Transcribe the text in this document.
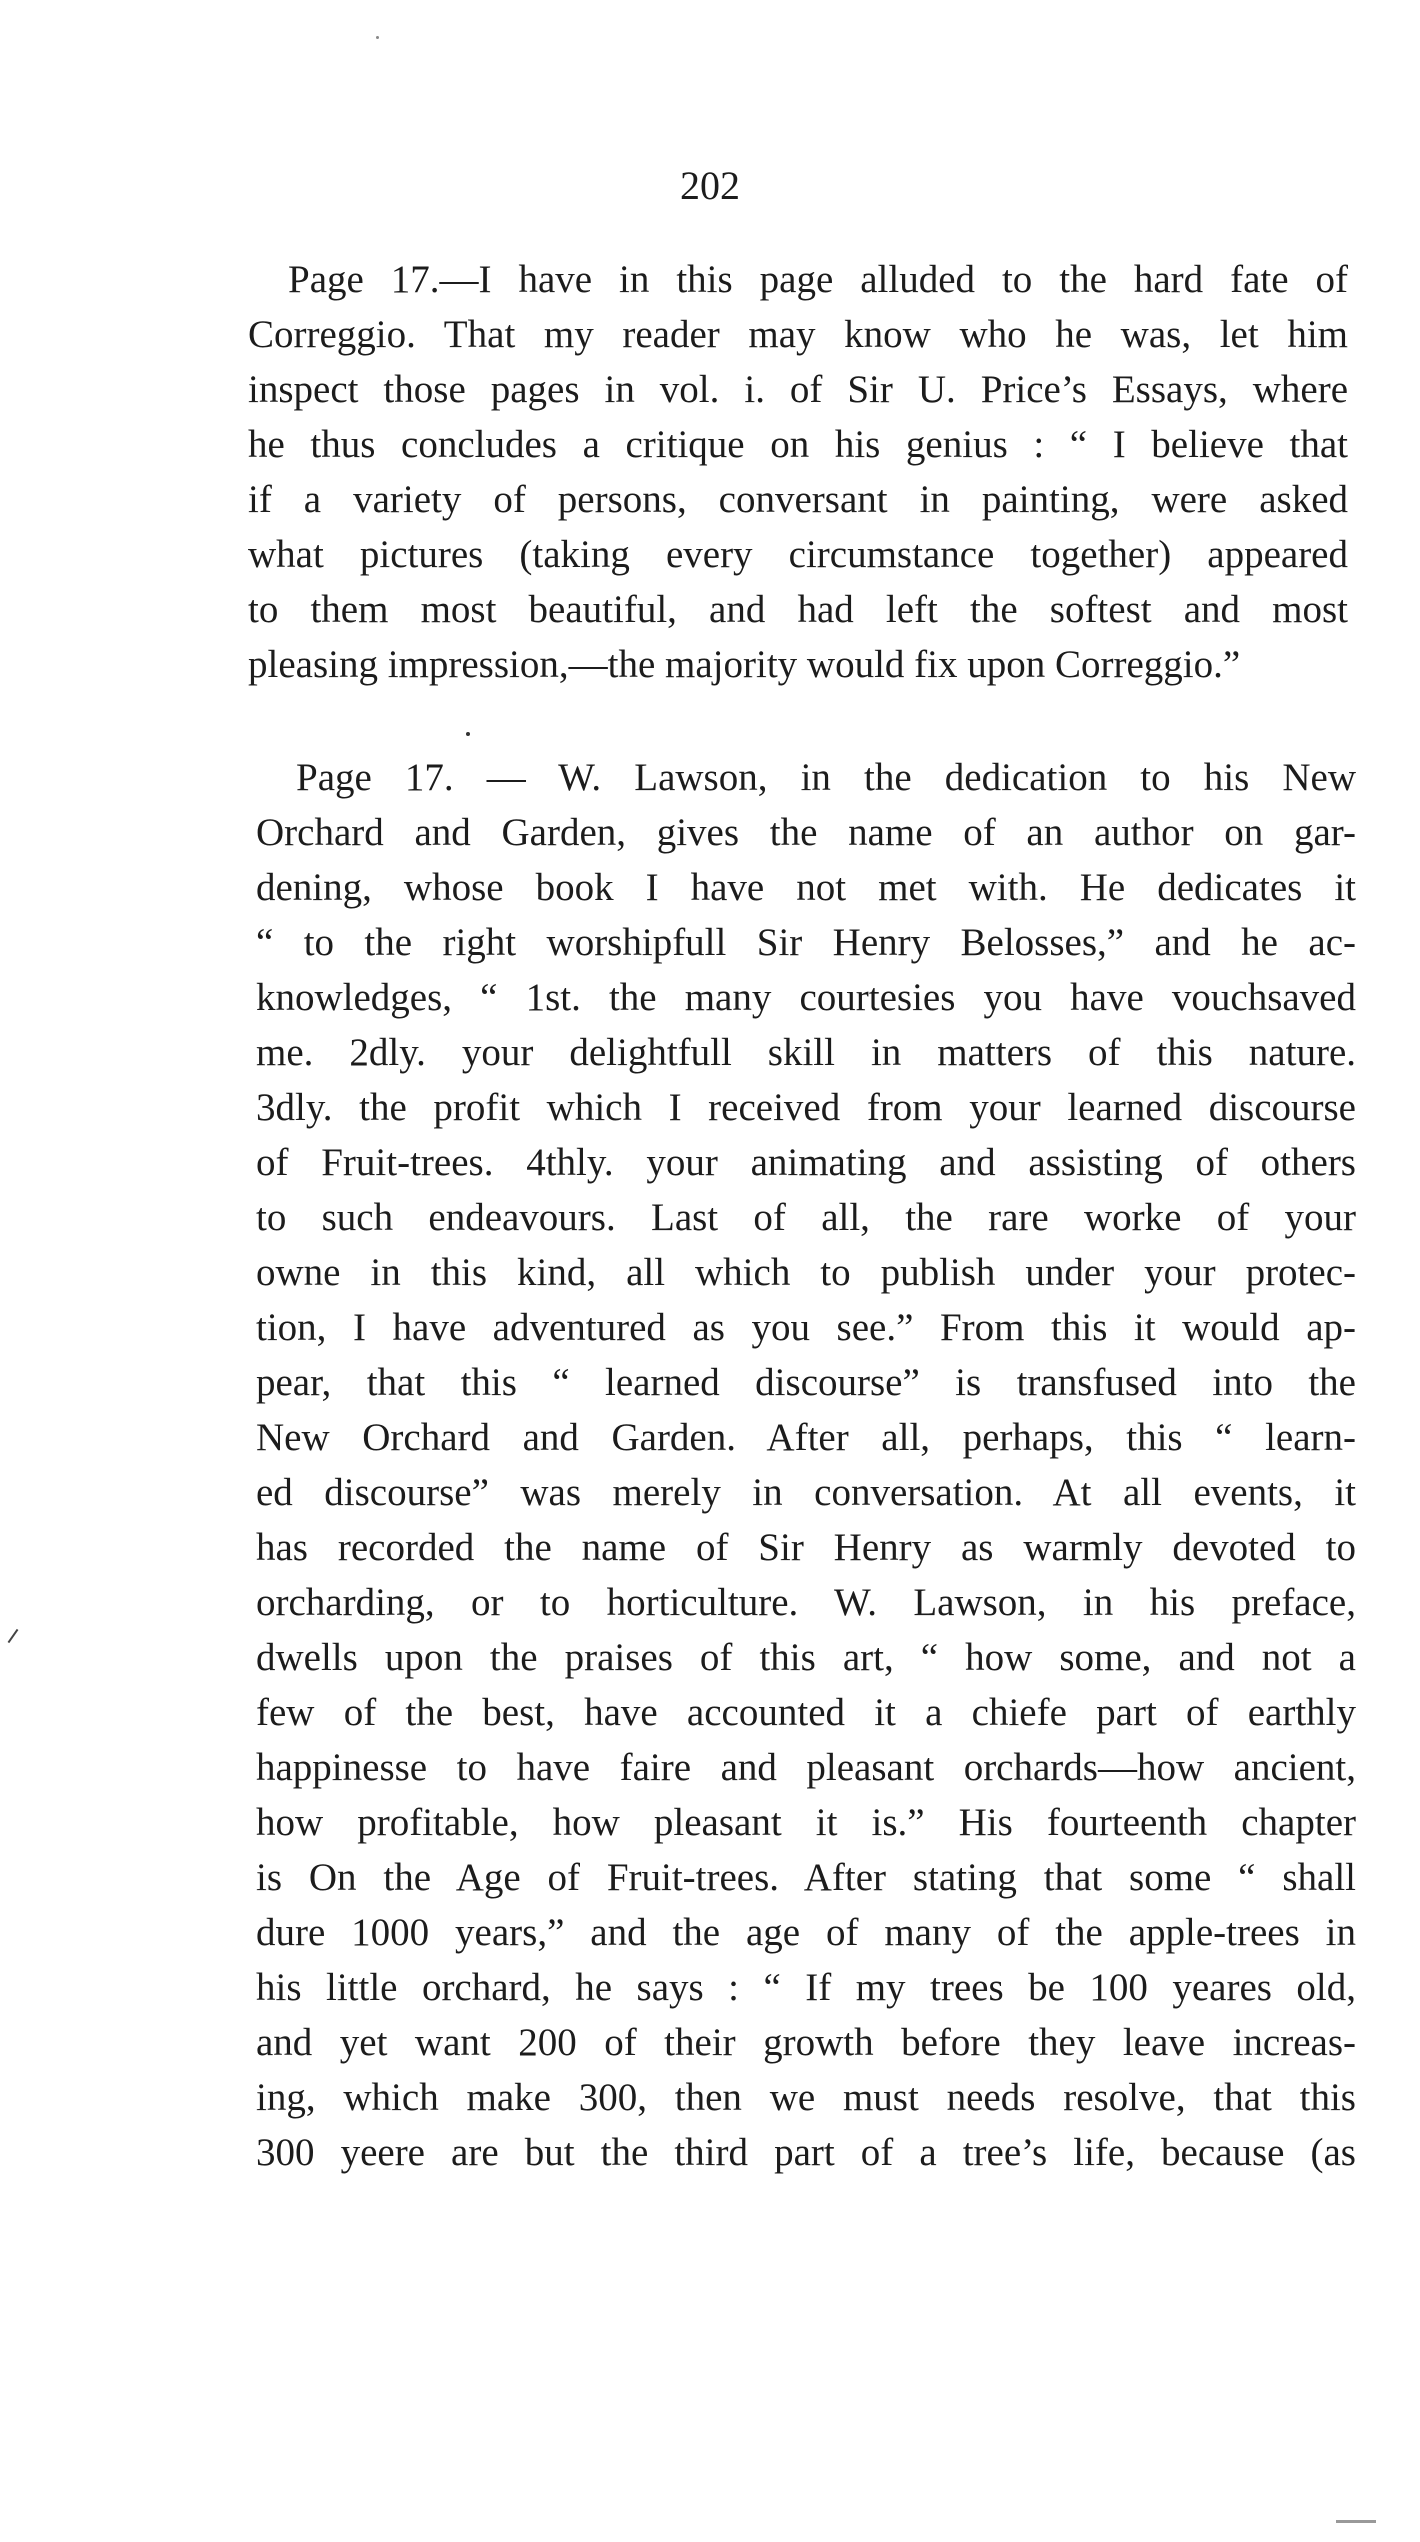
202
Page 17.—I have in this page alluded to the hard fate of
Correggio. That my reader may know who he was, let him
inspect those pages in vol. i. of Sir U. Price’s Essays, where
he thus concludes a critique on his genius : “ I believe that
if a variety of persons, conversant in painting, were asked
what pictures (taking every circumstance together) appeared
to them most beautiful, and had left the softest and most
pleasing impression,—the majority would fix upon Correggio.”
Page 17. — W. Lawson, in the dedication to his New
Orchard and Garden, gives the name of an author on gar-
dening, whose book I have not met with. He dedicates it
“ to the right worshipfull Sir Henry Belosses,” and he ac-
knowledges, “ 1st. the many courtesies you have vouchsaved
me. 2dly. your delightfull skill in matters of this nature.
3dly. the profit which I received from your learned discourse
of Fruit-trees. 4thly. your animating and assisting of others
to such endeavours. Last of all, the rare worke of your
owne in this kind, all which to publish under your protec-
tion, I have adventured as you see.” From this it would ap-
pear, that this “ learned discourse” is transfused into the
New Orchard and Garden. After all, perhaps, this “ learn-
ed discourse” was merely in conversation. At all events, it
has recorded the name of Sir Henry as warmly devoted to
orcharding, or to horticulture. W. Lawson, in his preface,
dwells upon the praises of this art, “ how some, and not a
few of the best, have accounted it a chiefe part of earthly
happinesse to have faire and pleasant orchards—how ancient,
how profitable, how pleasant it is.” His fourteenth chapter
is On the Age of Fruit-trees. After stating that some “ shall
dure 1000 years,” and the age of many of the apple-trees in
his little orchard, he says : “ If my trees be 100 yeares old,
and yet want 200 of their growth before they leave increas-
ing, which make 300, then we must needs resolve, that this
300 yeere are but the third part of a tree’s life, because (as
